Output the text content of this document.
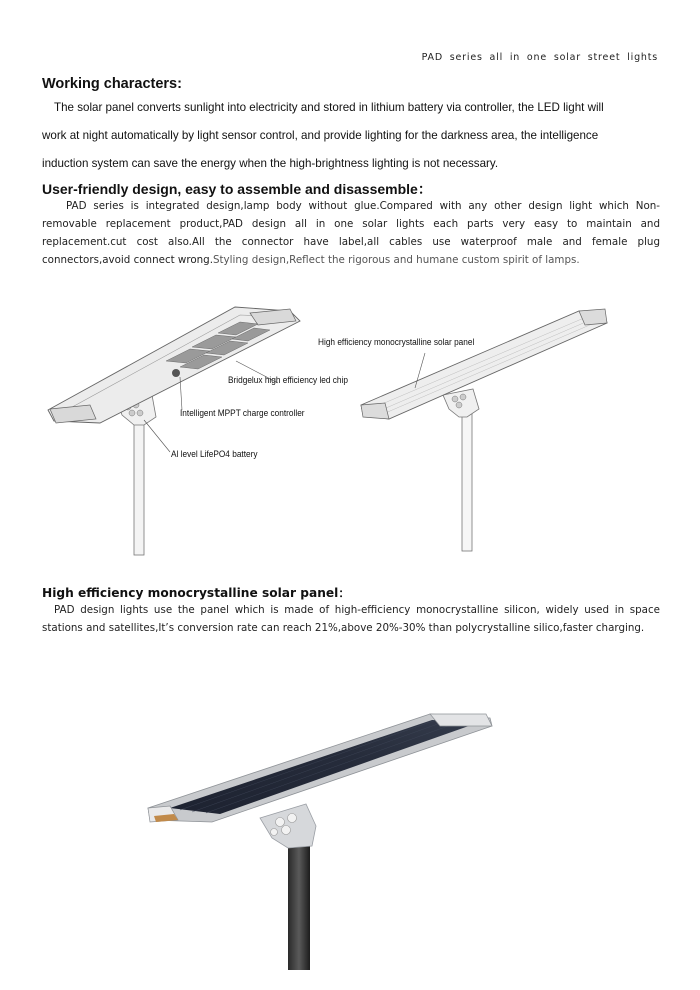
PAD series all in one solar street lights
Working characters:
The solar panel converts sunlight into electricity and stored in lithium battery via controller, the LED light will
work at night automatically by light sensor control, and provide lighting for the darkness area, the intelligence
induction system can save the energy when the high-brightness lighting is not necessary.
User-friendly design, easy to assemble and disassemble：
PAD series is integrated design,lamp body without glue.Compared with any other design light which Non-removable replacement product,PAD design all in one solar lights each parts very easy to maintain and replacement.cut cost also.All the connector have label,all cables use waterproof male and female plug connectors,avoid connect wrong.Styling design,Reflect the rigorous and humane custom spirit of lamps.
High efficiency monocrystalline solar panel
Bridgelux high efficiency led chip
Intelligent MPPT charge controller
Al level LifePO4 battery
High efficiency monocrystalline solar panel：
PAD design lights use the panel which is made of high-efficiency monocrystalline silicon, widely used in space stations and satellites,It’s conversion rate can reach 21%,above 20%-30% than polycrystalline silico,faster charging.
